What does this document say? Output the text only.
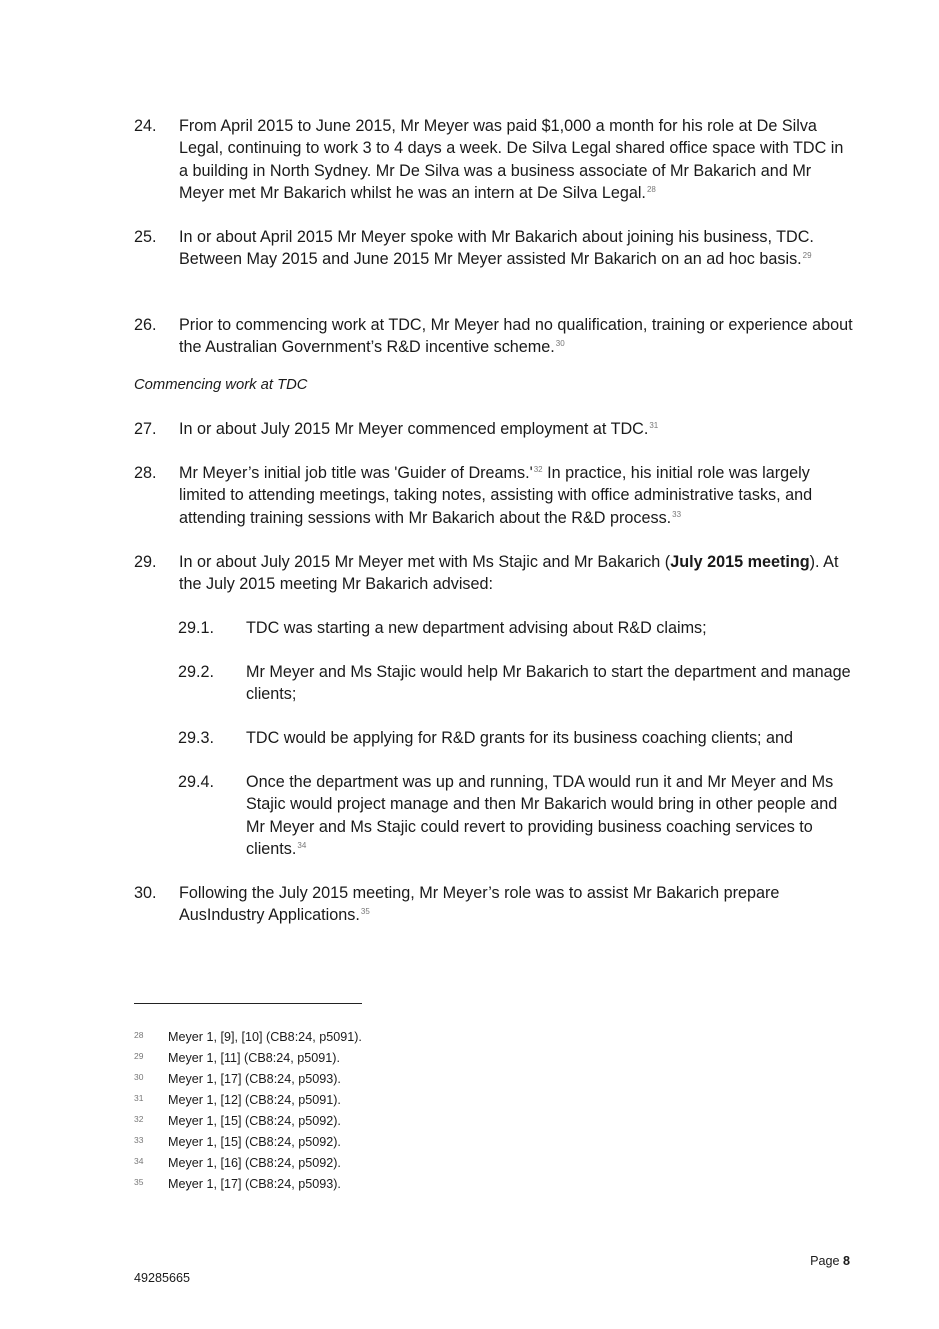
24. From April 2015 to June 2015, Mr Meyer was paid $1,000 a month for his role at De Silva Legal, continuing to work 3 to 4 days a week. De Silva Legal shared office space with TDC in a building in North Sydney. Mr De Silva was a business associate of Mr Bakarich and Mr Meyer met Mr Bakarich whilst he was an intern at De Silva Legal.$^{28}$
25. In or about April 2015 Mr Meyer spoke with Mr Bakarich about joining his business, TDC. Between May 2015 and June 2015 Mr Meyer assisted Mr Bakarich on an ad hoc basis.$^{29}$
26. Prior to commencing work at TDC, Mr Meyer had no qualification, training or experience about the Australian Government’s R&D incentive scheme.$^{30}$
Commencing work at TDC
27. In or about July 2015 Mr Meyer commenced employment at TDC.$^{31}$
28. Mr Meyer’s initial job title was 'Guider of $Dreams.'^{32}$ In practice, his initial role was largely limited to attending meetings, taking notes, assisting with office administrative tasks, and attending training sessions with Mr Bakarich about the R&D process.$^{33}$
29. In or about July 2015 Mr Meyer met with Ms Stajic and Mr Bakarich (July 2015 meeting). At the July 2015 meeting Mr Bakarich advised:
29.1. TDC was starting a new department advising about R&D claims;
29.2. Mr Meyer and Ms Stajic would help Mr Bakarich to start the department and manage clients;
29.3. TDC would be applying for R&D grants for its business coaching clients; and
29.4. Once the department was up and running, TDA would run it and Mr Meyer and Ms Stajic would project manage and then Mr Bakarich would bring in other people and Mr Meyer and Ms Stajic could revert to providing business coaching services to clients.$^{34}$
30. Following the July 2015 meeting, Mr Meyer’s role was to assist Mr Bakarich prepare AusIndustry Applications.$^{35}$
28 Meyer 1, [9], [10] (CB8:24, p5091).
29 Meyer 1, [11] (CB8:24, p5091).
30 Meyer 1, [17] (CB8:24, p5093).
31 Meyer 1, [12] (CB8:24, p5091).
32 Meyer 1, [15] (CB8:24, p5092).
33 Meyer 1, [15] (CB8:24, p5092).
34 Meyer 1, [16] (CB8:24, p5092).
35 Meyer 1, [17] (CB8:24, p5093).
Page 8
49285665
